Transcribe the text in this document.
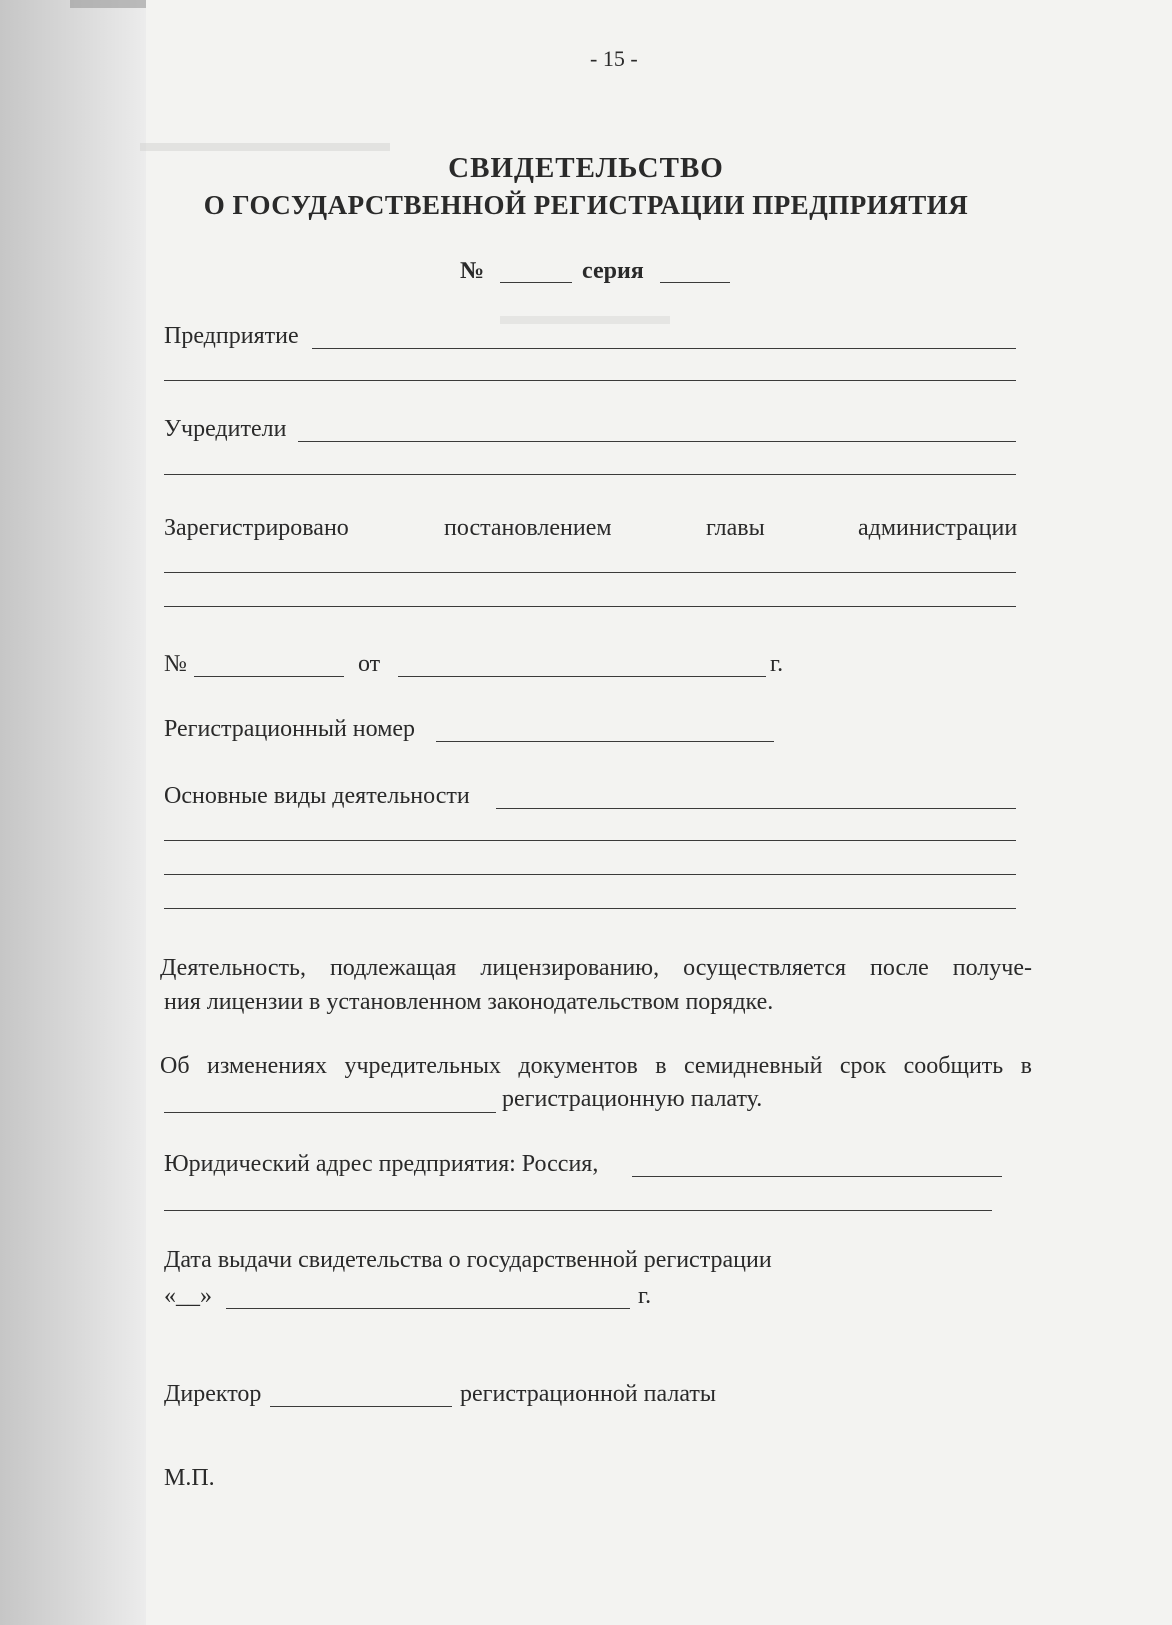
- 15 -
СВИДЕТЕЛЬСТВО
О ГОСУДАРСТВЕННОЙ РЕГИСТРАЦИИ ПРЕДПРИЯТИЯ
№	серия
Предприятие
Учредители
Зарегистрировано	постановлением	главы	администрации
№	от	г.
Регистрационный номер
Основные виды деятельности
Деятельность, подлежащая лицензированию, осуществляется после получе-
ния лицензии в установленном законодательством порядке.
Об изменениях учредительных документов в семидневный срок сообщить в
регистрационную палату.
Юридический адрес предприятия: Россия,
Дата выдачи свидетельства о государственной регистрации
«__»	г.
Директор	регистрационной палаты
М.П.
